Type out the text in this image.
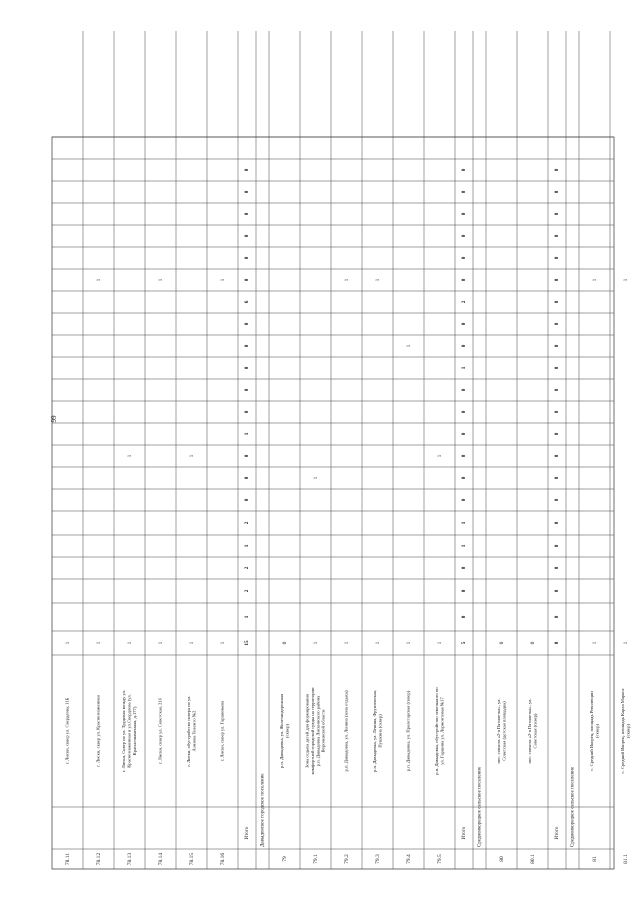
99
78.11
г. Лиски, сквер ул. Свердлова, 11Б
1
78.12
г. Лиски, сквер ул. Краснознаменная
1
1
78.13
г. Лиски, Сквер по ул. Трудовая между ул. Краснознаменная и ул.Свердлова (ул. Краснознаменная, д.177)
1
1
78.14
г. Лиски, сквер ул. Советская, 21б
1
1
78.15
г. Лиски, обустройство сквера по ул. Азизова Телемто №2
1
1
78.16
г. Лиски, сквер ул. Гаршиньева
1
1
Итого
15
1
2
2
1
2
0
0
0
1
0
0
0
0
0
6
0
0
0
0
0
0
Давыдовское городское поселение
79
р.п. Давыдовка, ул. Железнодорожная (сквер)
0
79.1
Зона отдыха детей для формирования комфортной городской среды на территории р.п. Давыдовка Лискинского района Воронежской области
1
1
79.2
р.п. Давыдовка, ул. Ленина (зона отдыха)
1
1
79.3
р.п. Давыдовка, ул. Ленина, Фрунзенская, Пушкина (сквер)
1
1
79.4
р.п. Давыдовка, ул. Пролетарская (сквер)
1
1
79.5
р.п. Давыдовка, обустройство земельного по ул. Гаршина ул. Лермонтовая №17
1
1
Итого
5
0
0
0
1
1
0
0
0
0
0
0
1
0
0
2
0
0
0
0
0
0
Среднеикорецкое сельское поселение
80
пос. совхоза «2-я Пятилетка», ул. Советская (детская площадка)
0
80.1
пос. совхоза «2-я Пятилетка», ул. Советская (сквер)
0
Итого
0
0
0
0
0
0
0
0
0
0
0
0
0
0
0
0
0
0
0
0
0
0
Среднеикорецкое сельское поселение
81
с. Средний Икорец, площадь Революции (сквер)
1
1
81.1
с. Средний Икорец, площадь Карла Маркса (сквер)
1
1
